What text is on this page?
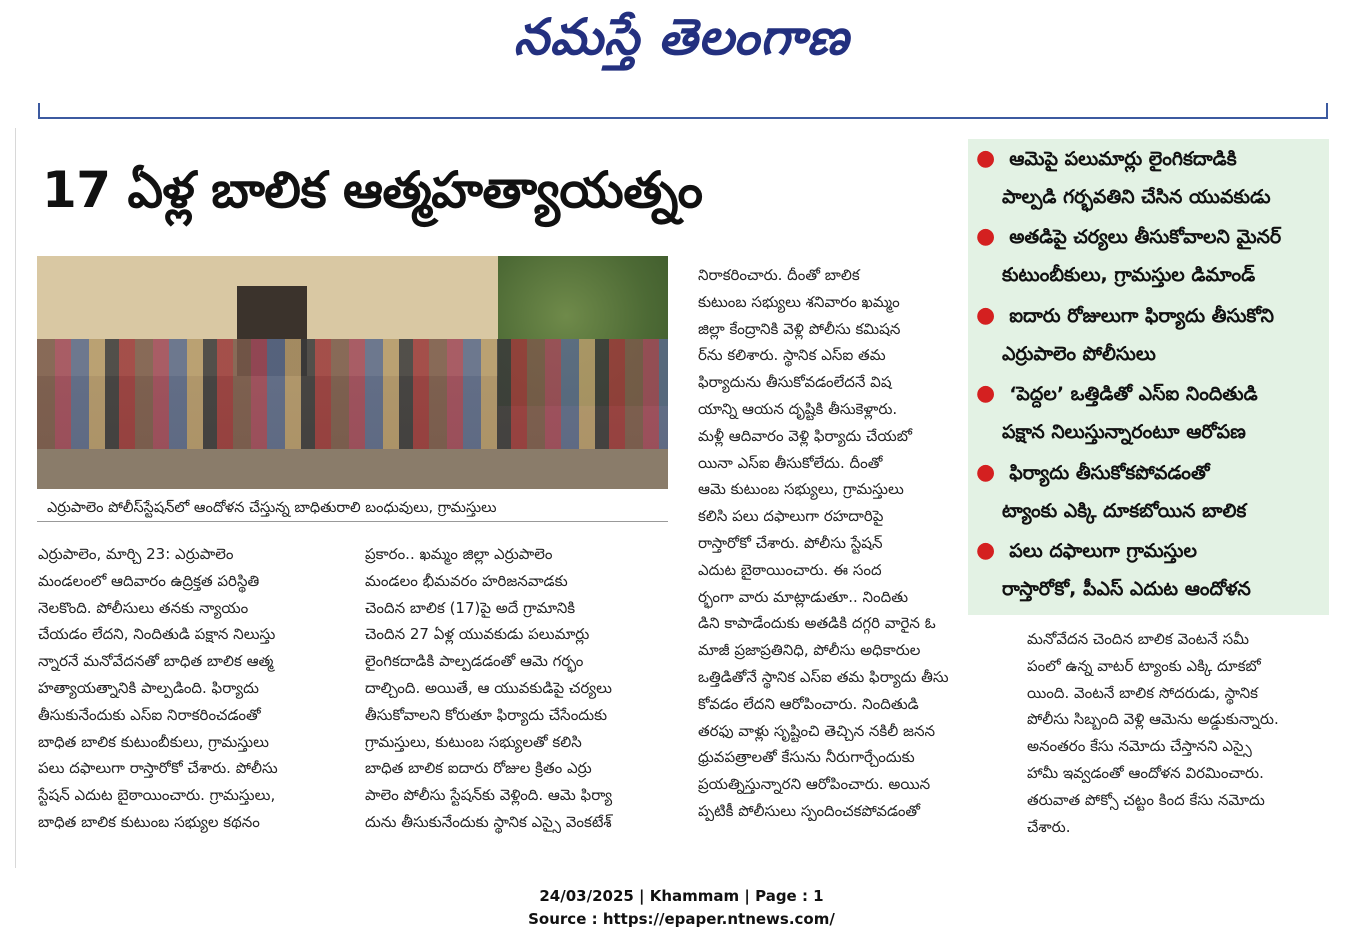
నమస్తే తెలంగాణ
17 ఏళ్ల బాలిక ఆత్మహత్యాయత్నం
ఎర్రుపాలెం పోలీస్‌స్టేషన్‌లో ఆందోళన చేస్తున్న బాధితురాలి బంధువులు, గ్రామస్తులు
● ఆమెపై పలుమార్లు లైంగికదాడికి
పాల్పడి గర్భవతిని చేసిన యువకుడు
● అతడిపై చర్యలు తీసుకోవాలని మైనర్
కుటుంబీకులు, గ్రామస్తుల డిమాండ్
● ఐదారు రోజులుగా ఫిర్యాదు తీసుకోని
ఎర్రుపాలెం పోలీసులు
● ‘పెద్దల’ ఒత్తిడితో ఎస్‌ఐ నిందితుడి
పక్షాన నిలుస్తున్నారంటూ ఆరోపణ
● ఫిర్యాదు తీసుకోకపోవడంతో
ట్యాంకు ఎక్కి దూకబోయిన బాలిక
● పలు దఫాలుగా గ్రామస్తుల
రాస్తారోకో, పీఎస్ ఎదుట ఆందోళన
ఎర్రుపాలెం, మార్చి 23: ఎర్రుపాలెం
మండలంలో ఆదివారం ఉద్రిక్తత పరిస్థితి
నెలకొంది. పోలీసులు తనకు న్యాయం
చేయడం లేదని, నిందితుడి పక్షాన నిలుస్తు
న్నారనే మనోవేదనతో బాధిత బాలిక ఆత్మ
హత్యాయత్నానికి పాల్పడింది. ఫిర్యాదు
తీసుకునేందుకు ఎస్‌ఐ నిరాకరించడంతో
బాధిత బాలిక కుటుంబీకులు, గ్రామస్తులు
పలు దఫాలుగా రాస్తారోకో చేశారు. పోలీసు
స్టేషన్ ఎదుట బైఠాయించారు. గ్రామస్తులు,
బాధిత బాలిక కుటుంబ సభ్యుల కథనం
ప్రకారం.. ఖమ్మం జిల్లా ఎర్రుపాలెం
మండలం భీమవరం హరిజనవాడకు
చెందిన బాలిక (17)పై అదే గ్రామానికి
చెందిన 27 ఏళ్ల యువకుడు పలుమార్లు
లైంగికదాడికి పాల్పడడంతో ఆమె గర్భం
దాల్చింది. అయితే, ఆ యువకుడిపై చర్యలు
తీసుకోవాలని కోరుతూ ఫిర్యాదు చేసేందుకు
గ్రామస్తులు, కుటుంబ సభ్యులతో కలిసి
బాధిత బాలిక ఐదారు రోజుల క్రితం ఎర్రు
పాలెం పోలీసు స్టేషన్‌కు వెళ్లింది. ఆమె ఫిర్యా
దును తీసుకునేందుకు స్థానిక ఎస్సై వెంకటేశ్
నిరాకరించారు. దీంతో బాలిక
కుటుంబ సభ్యులు శనివారం ఖమ్మం
జిల్లా కేంద్రానికి వెళ్లి పోలీసు కమిషన
ర్‌ను కలిశారు. స్థానిక ఎస్‌ఐ తమ
ఫిర్యాదును తీసుకోవడంలేదనే విష
యాన్ని ఆయన దృష్టికి తీసుకెళ్లారు.
మళ్లీ ఆదివారం వెళ్లి ఫిర్యాదు చేయబో
యినా ఎస్‌ఐ తీసుకోలేదు. దీంతో
ఆమె కుటుంబ సభ్యులు, గ్రామస్తులు
కలిసి పలు దఫాలుగా రహదారిపై
రాస్తారోకో చేశారు. పోలీసు స్టేషన్
ఎదుట బైఠాయించారు. ఈ సంద
ర్భంగా వారు మాట్లాడుతూ.. నిందితు
డిని కాపాడేందుకు అతడికి దగ్గరి వారైన ఓ
మాజీ ప్రజాప్రతినిధి, పోలీసు అధికారుల
ఒత్తిడితోనే స్థానిక ఎస్‌ఐ తమ ఫిర్యాదు తీసు
కోవడం లేదని ఆరోపించారు. నిందితుడి
తరఫు వాళ్లు సృష్టించి తెచ్చిన నకిలీ జనన
ధ్రువపత్రాలతో కేసును నీరుగార్చేందుకు
ప్రయత్నిస్తున్నారని ఆరోపించారు. అయిన
ప్పటికీ పోలీసులు స్పందించకపోవడంతో
మనోవేదన చెందిన బాలిక వెంటనే సమీ
పంలో ఉన్న వాటర్ ట్యాంకు ఎక్కి దూకబో
యింది. వెంటనే బాలిక సోదరుడు, స్థానిక
పోలీసు సిబ్బంది వెళ్లి ఆమెను అడ్డుకున్నారు.
అనంతరం కేసు నమోదు చేస్తానని ఎస్సై
హామీ ఇవ్వడంతో ఆందోళన విరమించారు.
తరువాత పోక్సో చట్టం కింద కేసు నమోదు
చేశారు.
24/03/2025 | Khammam | Page : 1
Source : https://epaper.ntnews.com/
